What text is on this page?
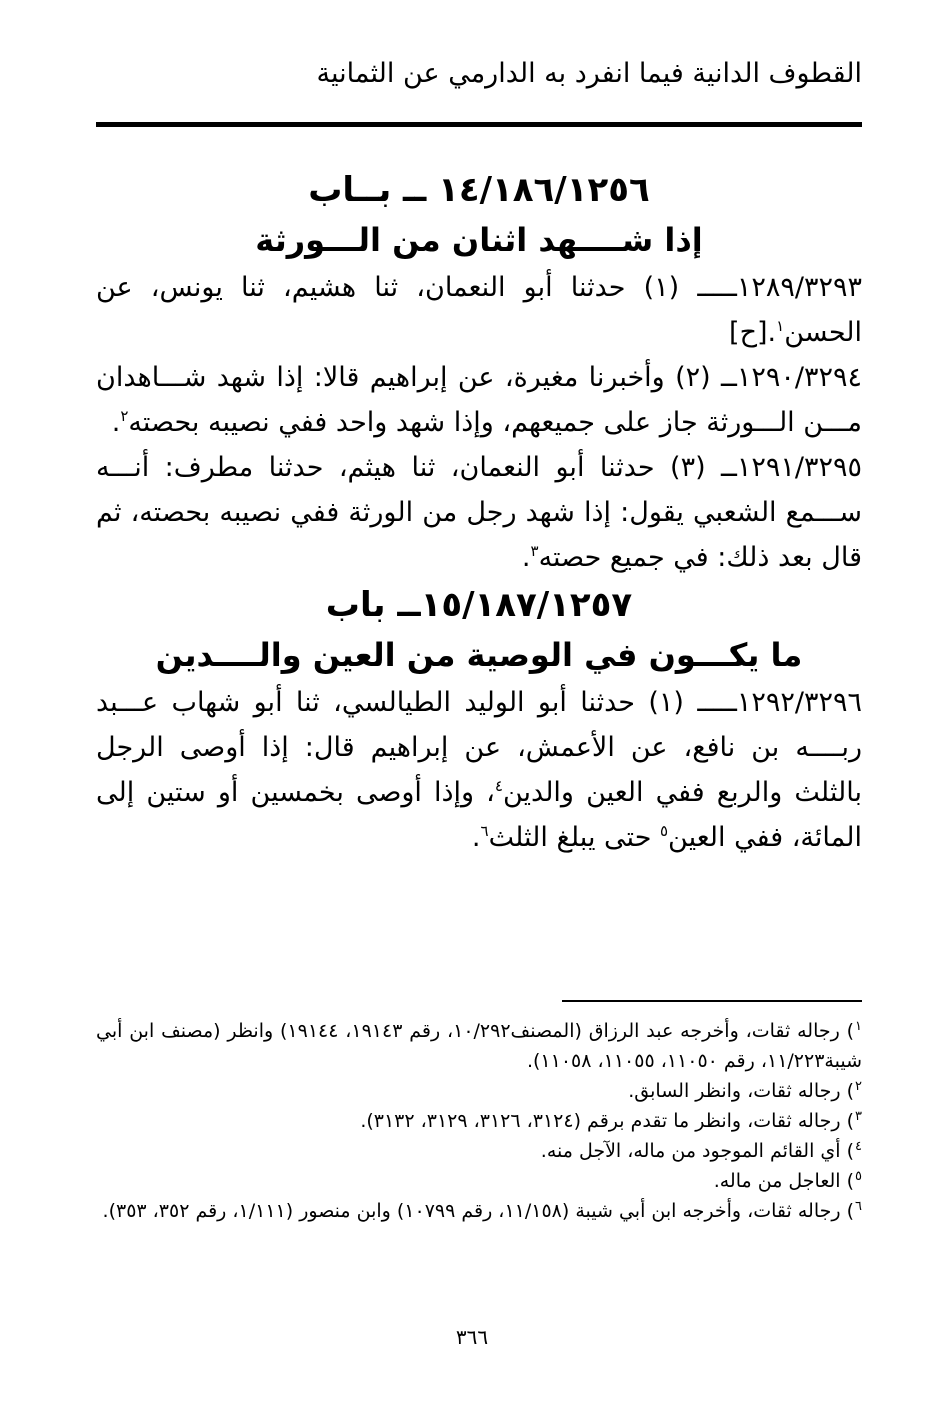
القطوف الدانية فيما انفرد به الدارمي عن الثمانية
١٤/١٨٦/١٢٥٦ ــ بــاب
إذا شــــهد اثنان من الـــورثة

١٢٨٩/٣٢٩٣ـــــ (١) حدثنا أبو النعمان، ثنا هشيم، ثنا يونس، عن الحسن$^١$.[ح]

١٢٩٠/٣٢٩٤ــ (٢) وأخبرنا مغيرة، عن إبراهيم قالا: إذا شهد شـــاهدان مـــن الـــورثة جاز على جميعهم، وإذا شهد واحد ففي نصيبه بحصته$^٢$.

١٢٩١/٣٢٩٥ــ (٣) حدثنا أبو النعمان، ثنا هيثم، حدثنا مطرف: أنـــه ســـمع الشعبي يقول: إذا شهد رجل من الورثة ففي نصيبه بحصته، ثم قال بعد ذلك: في جميع حصته$^٣$.

١٥/١٨٧/١٢٥٧ــ باب
ما يكـــون في الوصية من العين والــــدين

١٢٩٢/٣٢٩٦ـــــ (١) حدثنا أبو الوليد الطيالسي، ثنا أبو شهاب عـــبد ربــــه بن نافع، عن الأعمش، عن إبراهيم قال: إذا أوصى الرجل بالثلث والربع ففي العين والدين$^٤$، وإذا أوصى بخمسين أو ستين إلى المائة، ففي العين$^٥$ حتى يبلغ الثلث$^٦$.

$^١$) رجاله ثقات، وأخرجه عبد الرزاق (المصنف١٠/٢٩٢، رقم ١٩١٤٣، ١٩١٤٤) وانظر (مصنف ابن أبي شيبة١١/٢٢٣، رقم ١١٠٥٠، ١١٠٥٥، ١١٠٥٨).

$^٢$) رجاله ثقات، وانظر السابق.

$^٣$) رجاله ثقات، وانظر ما تقدم برقم (٣١٢٤، ٣١٢٦، ٣١٢٩، ٣١٣٢).

$^٤$) أي القائم الموجود من ماله، الآجل منه.

$^٥$) العاجل من ماله.

$^٦$) رجاله ثقات، وأخرجه ابن أبي شيبة (١١/١٥٨، رقم ١٠٧٩٩) وابن منصور (١/١١١، رقم ٣٥٢، ٣٥٣).

٣٦٦
